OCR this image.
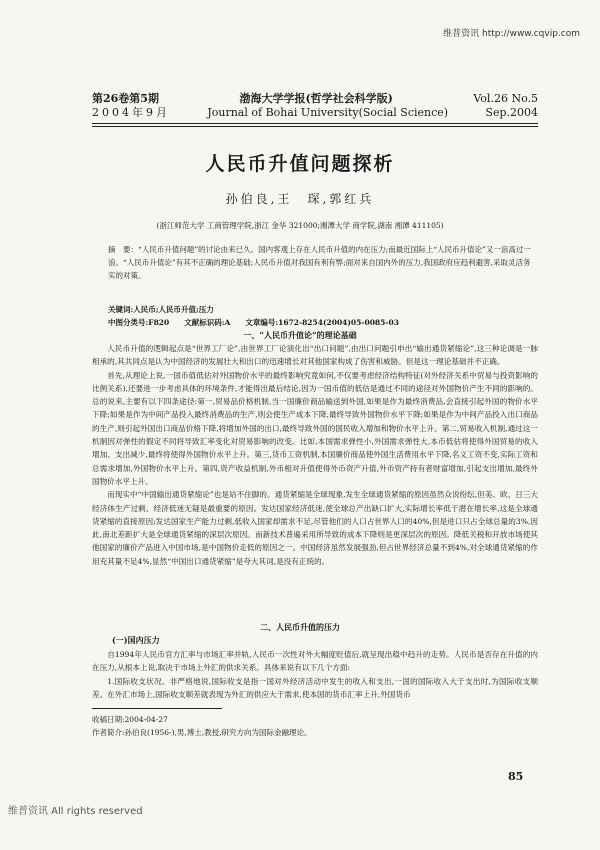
维普资讯 http://www.cqvip.com
第26卷第5期	渤海大学学报(哲学社会科学版)	Vol.26 No.5
2004年9月	Journal of Bohai University(Social Science)	Sep.2004
人民币升值问题探析
孙伯良,王　琛,郭红兵
(浙江师范大学 工商管理学院,浙江 金华 321000;湘潭大学 商学院,湖南 湘潭 411105)
摘　要：“人民币升值问题”的讨论由来已久。国内客观上存在人民币升值的内在压力;而最近国际上“人民币升值论”又一浪高过一浪。“人民币升值论”有其不正确的理论基础;人民币升值对我国有利有弊;面对来自国内外的压力,我国政府应趋利避害,采取灵活务实的对策。
关键词:人民币;人民币升值;压力
中图分类号:F820　　文献标识码:A　　文章编号:1672-8254(2004)05-0085-03
一、“人民币升值论”的理论基础

人民币升值的逻辑起点是“世界工厂论”,由世界工厂论演化出“出口问题”,由出口问题引申出“输出通货紧缩论”,这三种论调是一脉相承的,其共同点是认为中国经济的发展壮大和出口的迅速增长对其他国家构成了伤害和威胁。但是这一理论基础并不正确。

首先,从理论上说,一国币值低估对外国物价水平的最终影响究竟如何,不仅要考虑经济结构特征(对外经济关系中贸易与投资影响的比例关系),还要进一步考虑具体的环境条件,才能得出最后结论,因为一国币值的低估是通过不同的途径对外国物价产生不同的影响的。总的说来,主要有以下四条途径:第一,贸易品价格机制,当一国廉价商品输送到外国,如果是作为最终消费品,会直接引起外国的物价水平下降;如果是作为中间产品投入最终消费品的生产,则会使生产成本下降,最终导致外国物价水平下降;如果是作为中间产品投入出口商品的生产,则引起外国出口商品价格下降,将增加外国的出口,最终导致外国的国民收入增加和物价水平上升。第二,贸易收入机制,通过这一机制因对弹性的假定不同将导致汇率变化对贸易影响的改变。比如,本国需求弹性小,外国需求弹性大,本币低估将使得外国贸易的收入增加、支出减少,最终将使得外国物价水平上升。第三,货币工资机制,本国廉价商品使外国生活费用水平下降,名义工资不变,实际工资和总需求增加,外国物价水平上升。第四,资产收益机制,外币相对升值使得外币资产升值,外币资产持有者财富增加,引起支出增加,最终外国物价水平上升。

而现实中“中国输出通货紧缩论”也是站不住脚的。通货紧缩是全球现象,发生全球通货紧缩的原因虽然众说纷纭,但美、欧、日三大经济体生产过剩、经济低迷无疑是最重要的原因。发达国家经济低迷,使全球总产出缺口扩大,实际增长率低于潜在增长率,这是全球通货紧缩的直接原因;发达国家生产能力过剩,低收入国家却需求不足,尽管他们的人口占世界人口的40%,但是进口只占全球总量的3%,因此,南北差距扩大是全球通货紧缩的深层次原因。而新技术普遍采用所导致的成本下降则是更深层次的原因。降低关税和开放市场使其他国家的廉价产品进入中国市场,是中国物价走低的原因之一。中国经济虽然发展强劲,但占世界经济总量不到4%,对全球通货紧缩的作用充其量不足4%,显然“中国出口通货紧缩”是夸大其词,是没有正统的。

二、人民币升值的压力
(一)国内压力

自1994年人民币官方汇率与市场汇率并轨,人民币一次性对外大幅度贬值后,就呈现出稳中趋升的走势。人民币是否存在升值的内在压力,从根本上说,取决于市场上外汇的供求关系。具体来说有以下几个方面:

1.国际收支状况。非严格地说,国际收支是指一国对外经济活动中发生的收入和支出,一国的国际收入大于支出时,为国际收支顺差。在外汇市场上,国际收支顺差就表现为外汇的供应大于需求,使本国的货币汇率上升,外国货币

收稿日期:2004-04-27
作者简介:孙伯良(1956-),男,博士,教授,研究方向为国际金融理论。
85
维普资讯 All rights reserved
